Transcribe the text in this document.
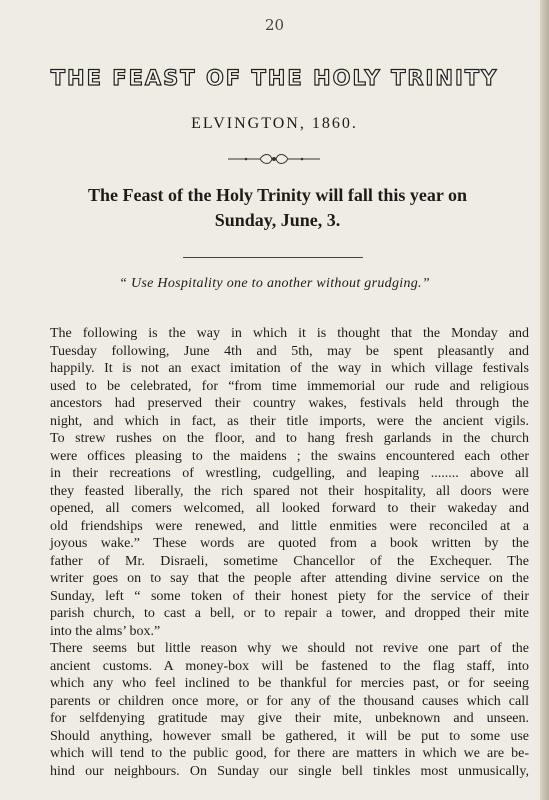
20
THE FEAST OF THE HOLY TRINITY
ELVINGTON, 1860.
The Feast of the Holy Trinity will fall this year on
Sunday, June, 3.
“ Use Hospitality one to another without grudging.”

The following is the way in which it is thought that the Monday and
Tuesday following, June 4th and 5th, may be spent pleasantly and
happily. It is not an exact imitation of the way in which village festivals
used to be celebrated, for “from time immemorial our rude and religious
ancestors had preserved their country wakes, festivals held through the
night, and which in fact, as their title imports, were the ancient vigils.
To strew rushes on the floor, and to hang fresh garlands in the church
were offices pleasing to the maidens ; the swains encountered each other
in their recreations of wrestling, cudgelling, and leaping ........ above all
they feasted liberally, the rich spared not their hospitality, all doors were
opened, all comers welcomed, all looked forward to their wakeday and
old friendships were renewed, and little enmities were reconciled at a
joyous wake.” These words are quoted from a book written by the
father of Mr. Disraeli, sometime Chancellor of the Exchequer. The
writer goes on to say that the people after attending divine service on the
Sunday, left “ some token of their honest piety for the service of their
parish church, to cast a bell, or to repair a tower, and dropped their mite
into the alms’ box.”

There seems but little reason why we should not revive one part of the
ancient customs. A money-box will be fastened to the flag staff, into
which any who feel inclined to be thankful for mercies past, or for seeing
parents or children once more, or for any of the thousand causes which call
for selfdenying gratitude may give their mite, unbeknown and unseen.
Should anything, however small be gathered, it will be put to some use
which will tend to the public good, for there are matters in which we are be-
hind our neighbours. On Sunday our single bell tinkles most unmusically,
